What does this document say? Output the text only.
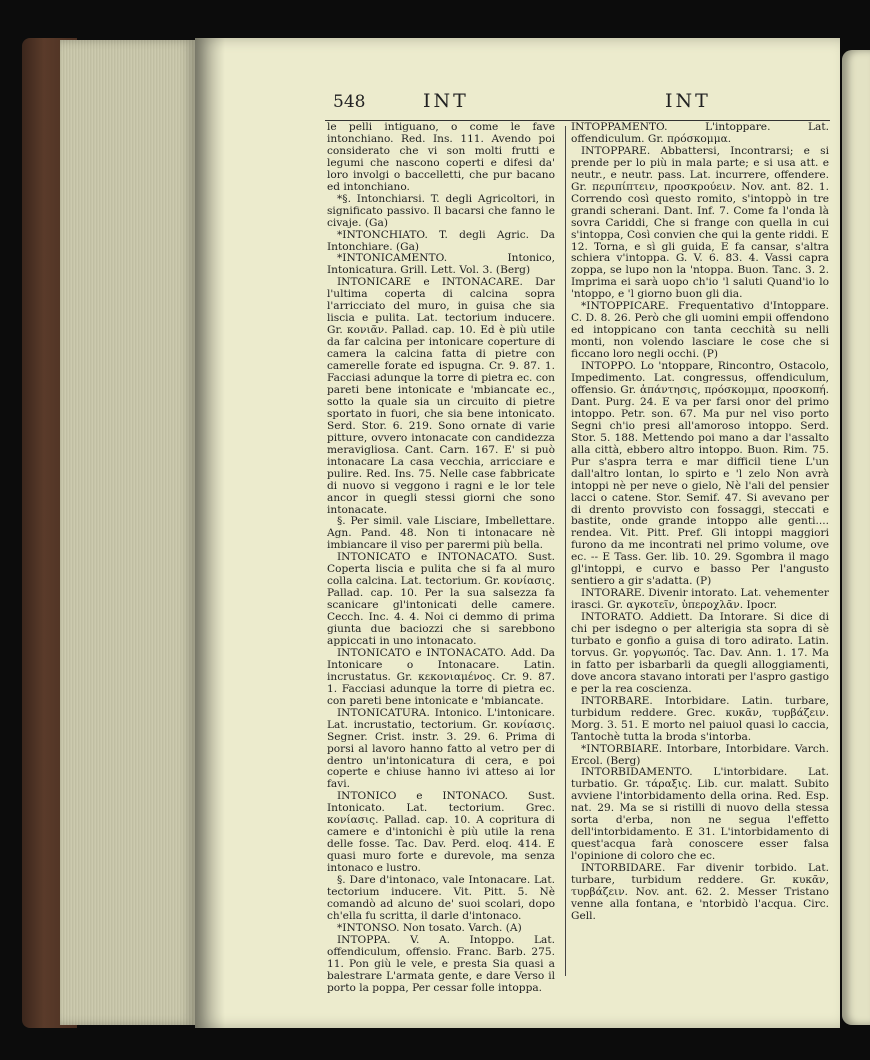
548	INT	INT

le pelli intiguano, o come le fave intonchiano. Red. Ins. 111. Avendo poi considerato che vi son molti frutti e legumi che nascono coperti e difesi da' loro involgi o baccelletti, che pur bacano ed intonchiano.

*§. Intonchiarsi. T. degli Agricoltori, in significato passivo. Il bacarsi che fanno le civaje. (Ga)

*INTONCHIATO. T. degli Agric. Da Intonchiare. (Ga)

*INTONICAMENTO. Intonico, Intonicatura. Grill. Lett. Vol. 3. (Berg)

INTONICARE e INTONACARE. Dar l'ultima coperta di calcina sopra l'arricciato del muro, in guisa che sia liscia e pulita. Lat. tectorium inducere. Gr. κονιᾶν. Pallad. cap. 10. Ed è più utile da far calcina per intonicare coperture di camera la calcina fatta di pietre con camerelle forate ed ispugna. Cr. 9. 87. 1. Facciasi adunque la torre di pietra ec. con pareti bene intonicate e 'mbiancate ec., sotto la quale sia un circuito di pietre sportato in fuori, che sia bene intonicato. Serd. Stor. 6. 219. Sono ornate di varie pitture, ovvero intonacate con candidezza meravigliosa. Cant. Carn. 167. E' si può intonacare La casa vecchia, arricciare e pulire. Red. Ins. 75. Nelle case fabbricate di nuovo si veggono i ragni e le lor tele ancor in quegli stessi giorni che sono intonacate.

§. Per simil. vale Lisciare, Imbellettare. Agn. Pand. 48. Non ti intonacare nè imbiancare il viso per parermi più bella.

INTONICATO e INTONACATO. Sust. Coperta liscia e pulita che si fa al muro colla calcina. Lat. tectorium. Gr. κονίασις. Pallad. cap. 10. Per la sua salsezza fa scanicare gl'intonicati delle camere. Cecch. Inc. 4. 4. Noi ci demmo di prima giunta due baciozzi che si sarebbono appiccati in uno intonacato.

INTONICATO e INTONACATO. Add. Da Intonicare o Intonacare. Latin. incrustatus. Gr. κεκονιαμένος. Cr. 9. 87. 1. Facciasi adunque la torre di pietra ec. con pareti bene intonicate e 'mbiancate.

INTONICATURA. Intonico. L'intonicare. Lat. incrustatio, tectorium. Gr. κονίασις. Segner. Crist. instr. 3. 29. 6. Prima di porsi al lavoro hanno fatto al vetro per di dentro un'intonicatura di cera, e poi coperte e chiuse hanno ivi atteso ai lor favi.

INTONICO e INTONACO. Sust. Intonicato. Lat. tectorium. Grec. κονίασις. Pallad. cap. 10. A copritura di camere e d'intonichi è più utile la rena delle fosse. Tac. Dav. Perd. eloq. 414. E quasi muro forte e durevole, ma senza intonaco e lustro.

§. Dare d'intonaco, vale Intonacare. Lat. tectorium inducere. Vit. Pitt. 5. Nè comandò ad alcuno de' suoi scolari, dopo ch'ella fu scritta, il darle d'intonaco.

*INTONSO. Non tosato. Varch. (A)

INTOPPA. V. A. Intoppo. Lat. offendiculum, offensio. Franc. Barb. 275. 11. Pon giù le vele, e presta Sia quasi a balestrare L'armata gente, e dare Verso il porto la poppa, Per cessar folle intoppa.

INTOPPAMENTO. L'intoppare. Lat. offendiculum. Gr. πρόσκομμα.

INTOPPARE. Abbattersi, Incontrarsi; e si prende per lo più in mala parte; e si usa att. e neutr., e neutr. pass. Lat. incurrere, offendere. Gr. περιπίπτειν, προσκρούειν. Nov. ant. 82. 1. Correndo così questo romito, s'intoppò in tre grandi scherani. Dant. Inf. 7. Come fa l'onda là sovra Cariddi, Che si frange con quella in cui s'intoppa, Così convien che qui la gente riddi. E 12. Torna, e sì gli guida, E fa cansar, s'altra schiera v'intoppa. G. V. 6. 83. 4. Vassi capra zoppa, se lupo non la 'ntoppa. Buon. Tanc. 3. 2. Imprima ei sarà uopo ch'io 'l saluti Quand'io lo 'ntoppo, e 'l giorno buon gli dia.

*INTOPPICARE. Frequentativo d'Intoppare. C. D. 8. 26. Però che gli uomini empii offendono ed intoppicano con tanta cecchità su nelli monti, non volendo lasciare le cose che si ficcano loro negli occhi. (P)

INTOPPO. Lo 'ntoppare, Rincontro, Ostacolo, Impedimento. Lat. congressus, offendiculum, offensio. Gr. ἀπάντησις, πρόσκομμα, προσκοπή. Dant. Purg. 24. E va per farsi onor del primo intoppo. Petr. son. 67. Ma pur nel viso porto Segni ch'io presi all'amoroso intoppo. Serd. Stor. 5. 188. Mettendo poi mano a dar l'assalto alla città, ebbero altro intoppo. Buon. Rim. 75. Pur s'aspra terra e mar difficil tiene L'un dall'altro lontan, lo spirto e 'l zelo Non avrà intoppi nè per neve o gielo, Nè l'ali del pensier lacci o catene. Stor. Semif. 47. Si avevano per di drento provvisto con fossaggi, steccati e bastite, onde grande intoppo alle genti.... rendea. Vit. Pitt. Pref. Gli intoppi maggiori furono da me incontrati nel primo volume, ove ec. -- E Tass. Ger. lib. 10. 29. Sgombra il mago gl'intoppi, e curvo e basso Per l'angusto sentiero a gir s'adatta. (P)

INTORARE. Divenir intorato. Lat. vehementer irasci. Gr. αγκοτεῖν, ὑπεροχλᾶν. Ipocr.

INTORATO. Addiett. Da Intorare. Si dice di chi per isdegno o per alterigia sta sopra di sè turbato e gonfio a guisa di toro adirato. Latin. torvus. Gr. γοργωπός. Tac. Dav. Ann. 1. 17. Ma in fatto per isbarbarli da quegli alloggiamenti, dove ancora stavano intorati per l'aspro gastigo e per la rea coscienza.

INTORBARE. Intorbidare. Latin. turbare, turbidum reddere. Grec. κυκᾶν, τυρβάζειν. Morg. 3. 51. E morto nel paiuol quasi lo caccia, Tantochè tutta la broda s'intorba.

*INTORBIARE. Intorbare, Intorbidare. Varch. Ercol. (Berg)

INTORBIDAMENTO. L'intorbidare. Lat. turbatio. Gr. τάραξις. Lib. cur. malatt. Subito avviene l'intorbidamento della orina. Red. Esp. nat. 29. Ma se si ristilli di nuovo della stessa sorta d'erba, non ne segua l'effetto dell'intorbidamento. E 31. L'intorbidamento di quest'acqua farà conoscere esser falsa l'opinione di coloro che ec.

INTORBIDARE. Far divenir torbido. Lat. turbare, turbidum reddere. Gr. κυκᾶν, τυρβάζειν. Nov. ant. 62. 2. Messer Tristano venne alla fontana, e 'ntorbidò l'acqua. Circ. Gell.
